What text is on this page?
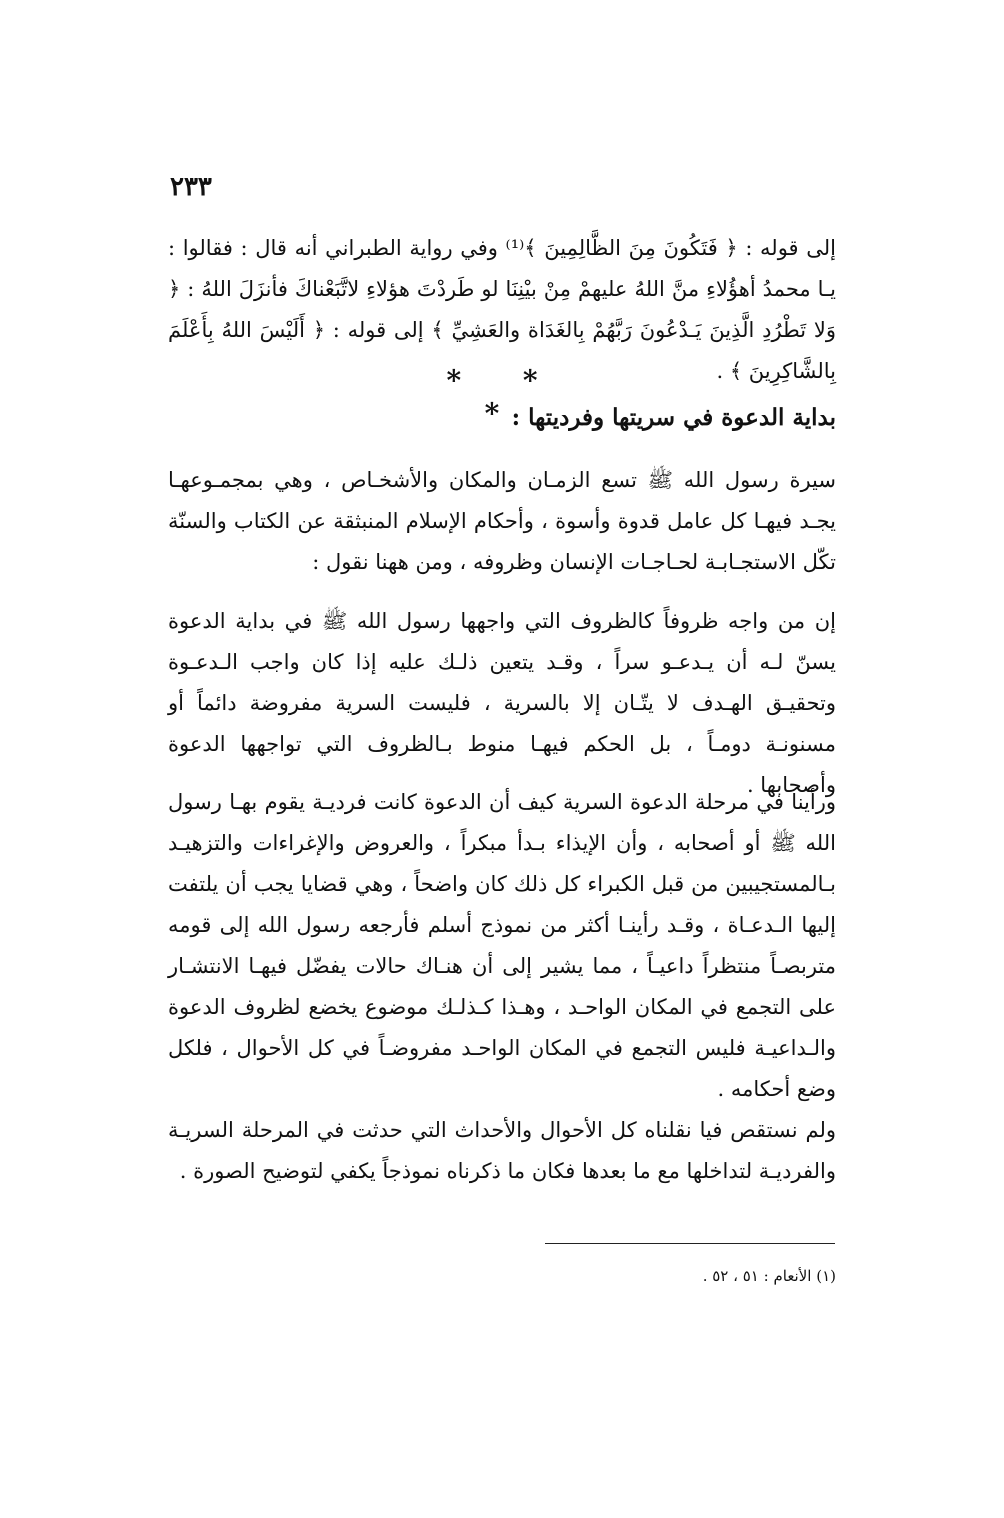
٢٣٣
إلى قوله : ﴿ فَتَكُونَ مِنَ الظَّالِمِينَ ﴾⁽¹⁾ وفي رواية الطبراني أنه قال : فقالوا : يـا محمدُ أهؤُلاءِ منَّ اللهُ عليهمْ مِنْ بيْنِنَا لو طَردْتَ هؤلاءِ لاتَّبَعْناكَ فأنزَلَ اللهُ : ﴿ وَلا تَطْرُدِ الَّذِينَ يَـدْعُونَ رَبَّهُمْ بِالغَدَاة والعَشِيِّ ﴾ إلى قوله : ﴿ أَلَيْسَ اللهُ بِأَعْلَمَ بِالشَّاكِرِينَ ﴾ .
* * *
بداية الدعوة في سريتها وفرديتها :
سيرة رسول الله ﷺ تسع الزمـان والمكان والأشخـاص ، وهي بمجمـوعهـا يجـد فيهـا كل عامل قدوة وأسوة ، وأحكام الإسلام المنبثقة عن الكتاب والسنّة تكّل الاستجـابـة لحـاجـات الإنسان وظروفه ، ومن ههنا نقول :
إن من واجه ظروفاً كالظروف التي واجهها رسول الله ﷺ في بداية الدعوة يسنّ لـه أن يـدعـو سراً ، وقـد يتعين ذلـك عليه إذا كان واجب الـدعـوة وتحقيـق الهـدف لا يتّـان إلا بالسرية ، فليست السرية مفروضة دائماً أو مسنونـة دومـاً ، بل الحكم فيهـا منوط بـالظروف التي تواجهها الدعوة وأصحابها .
ورأينا في مرحلة الدعوة السرية كيف أن الدعوة كانت فرديـة يقوم بهـا رسول الله ﷺ أو أصحابه ، وأن الإيذاء بـدأ مبكراً ، والعروض والإغراءات والتزهيـد بـالمستجيبين من قبل الكبراء كل ذلك كان واضحاً ، وهي قضايا يجب أن يلتفت إليها الـدعـاة ، وقـد رأينـا أكثر من نموذج أسلم فأرجعه رسول الله إلى قومه متربصـاً منتظراً داعيـاً ، مما يشير إلى أن هنـاك حالات يفضّل فيهـا الانتشـار على التجمع في المكان الواحـد ، وهـذا كـذلـك موضوع يخضع لظروف الدعوة والـداعيـة فليس التجمع في المكان الواحـد مفروضـاً في كل الأحوال ، فلكل وضع أحكامه .
ولم نستقص فيا نقلناه كل الأحوال والأحداث التي حدثت في المرحلة السريـة والفرديـة لتداخلها مع ما بعدها فكان ما ذكرناه نموذجاً يكفي لتوضيح الصورة .
(١) الأنعام : ٥١ ، ٥٢ .
